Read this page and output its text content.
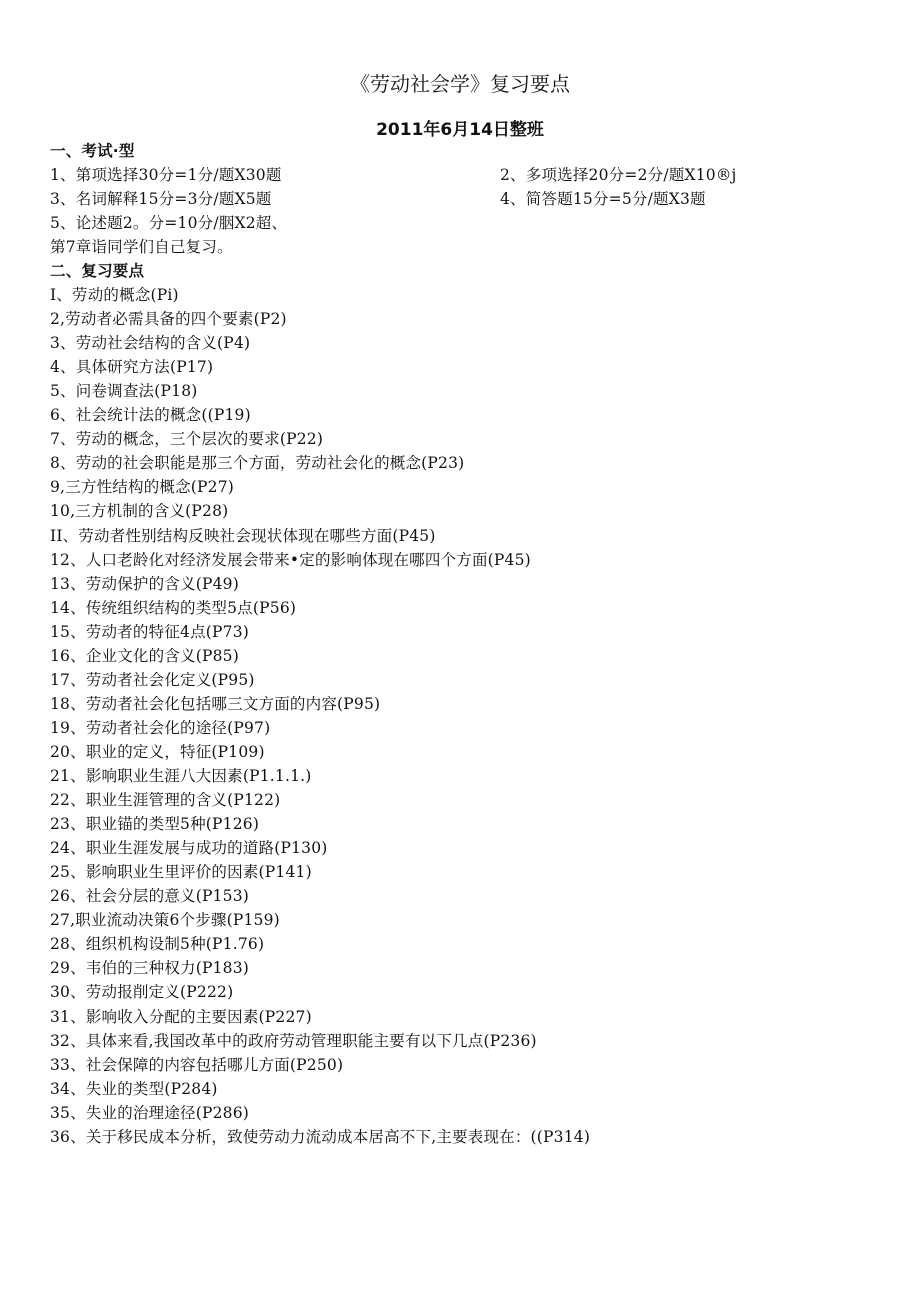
《劳动社会学》复习要点
2011年6月14日整班
一、考试·型
1、第项选择30分=1分/题X30题	2、多项选择20分=2分/题X10®j
3、名词解释15分=3分/题X5题	4、简答题15分=5分/题X3题
5、论述题2。分=10分/胭X2超、
第7章诣同学们自己复习。
二、复习要点
I、劳动的概念(Pi)
2,劳动者必需具备的四个要素(P2)
3、劳动社会结构的含义(P4)
4、具体研究方法(P17)
5、问卷调查法(P18)
6、社会统计法的概念((P19)
7、劳动的概念，三个层次的要求(P22)
8、劳动的社会职能是那三个方面，劳动社会化的概念(P23)
9,三方性结构的概念(P27)
10,三方机制的含义(P28)
II、劳动者性别结构反映社会现状体现在哪些方面(P45)
12、人口老龄化对经济发展会带来•定的影响体现在哪四个方面(P45)
13、劳动保护的含义(P49)
14、传统组织结构的类型5点(P56)
15、劳动者的特征4点(P73)
16、企业文化的含义(P85)
17、劳动者社会化定义(P95)
18、劳动者社会化包括哪三文方面的内容(P95)
19、劳动者社会化的途径(P97)
20、职业的定义，特征(P109)
21、影响职业生涯八大因素(P1.1.1.)
22、职业生涯管理的含义(P122)
23、职业锚的类型5种(P126)
24、职业生涯发展与成功的道路(P130)
25、影响职业生里评价的因素(P141)
26、社会分层的意义(P153)
27,职业流动决策6个步骤(P159)
28、组织机构设制5种(P1.76)
29、韦伯的三种权力(P183)
30、劳动报削定义(P222)
31、影响收入分配的主要因素(P227)
32、具体来看,我国改革中的政府劳动管理职能主要有以下几点(P236)
33、社会保障的内容包括哪儿方面(P250)
34、失业的类型(P284)
35、失业的治理途径(P286)
36、关于移民成本分析，致使劳动力流动成本居高不下,主要表现在：((P314)
